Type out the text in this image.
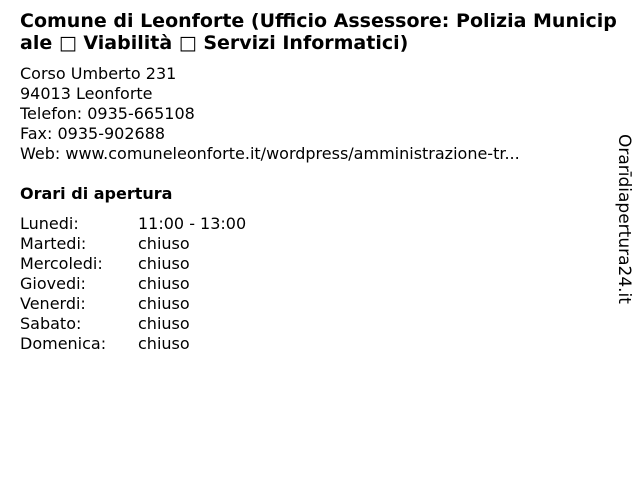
Comune di Leonforte (Ufficio Assessore: Polizia Municipale □ Viabilità □ Servizi Informatici)
Corso Umberto 231
94013 Leonforte
Telefon: 0935-665108
Fax: 0935-902688
Web: www.comuneleonforte.it/wordpress/amministrazione-tr...
Orari di apertura
Lunedi:	11:00 - 13:00
Martedi:	chiuso
Mercoledi:	chiuso
Giovedi:	chiuso
Venerdi:	chiuso
Sabato:	chiuso
Domenica:	chiuso
Orarīdiapertura24.it
